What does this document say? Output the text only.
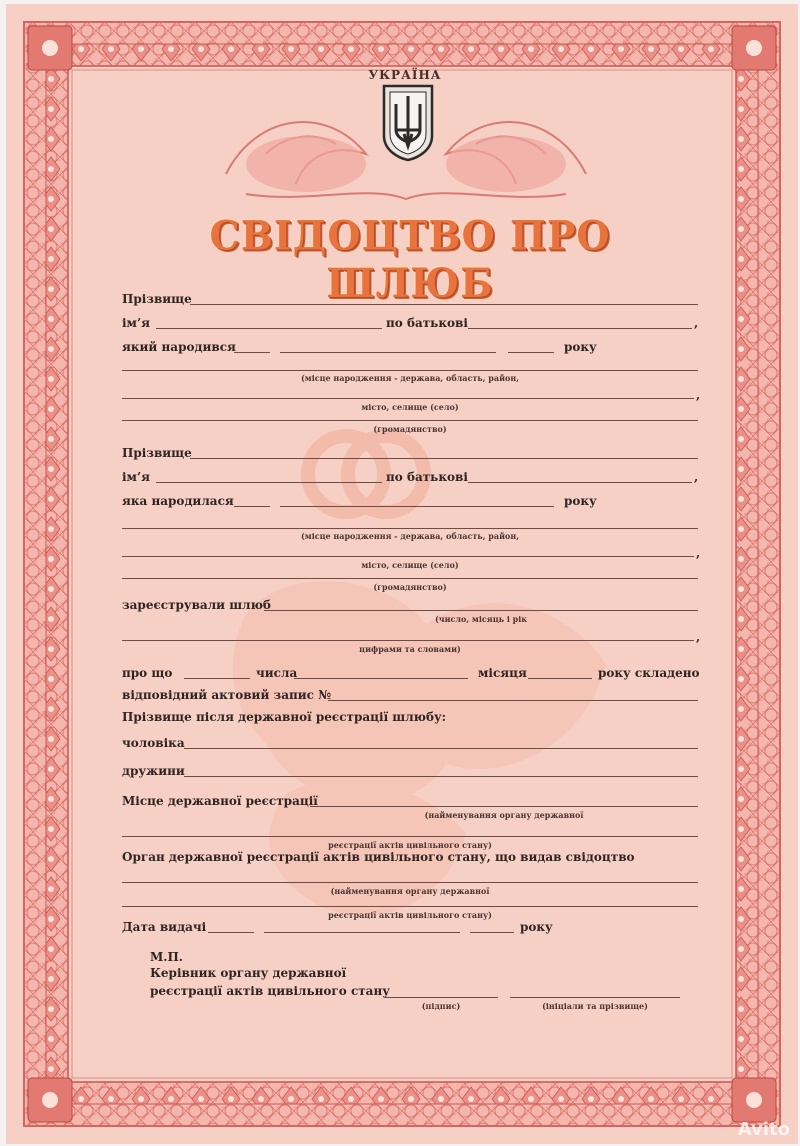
УКРАЇНА
СВІДОЦТВО ПРО ШЛЮБ
Прізвище
ім’я	по батькові	,
який народився	року
(місце народження - держава, область, район,
,
місто, селище (село)
(громадянство)
Прізвище
ім’я	по батькові	,
яка народилася	року
(місце народження - держава, область, район,
,
місто, селище (село)
(громадянство)
зареєстрували шлюб
(число, місяць і рік
,
цифрами та словами)
про що	числа	місяця	року складено
відповідний актовий запис №
Прізвище після державної реєстрації шлюбу:
чоловіка
дружини
Місце державної реєстрації
(найменування органу державної
реєстрації актів цивільного стану)
Орган державної реєстрації актів цивільного стану, що видав свідоцтво
(найменування органу державної
реєстрації актів цивільного стану)
Дата видачі	року
М.П.
Керівник органу державної
реєстрації актів цивільного стану
(підпис)	(ініціали та прізвище)
Avito
